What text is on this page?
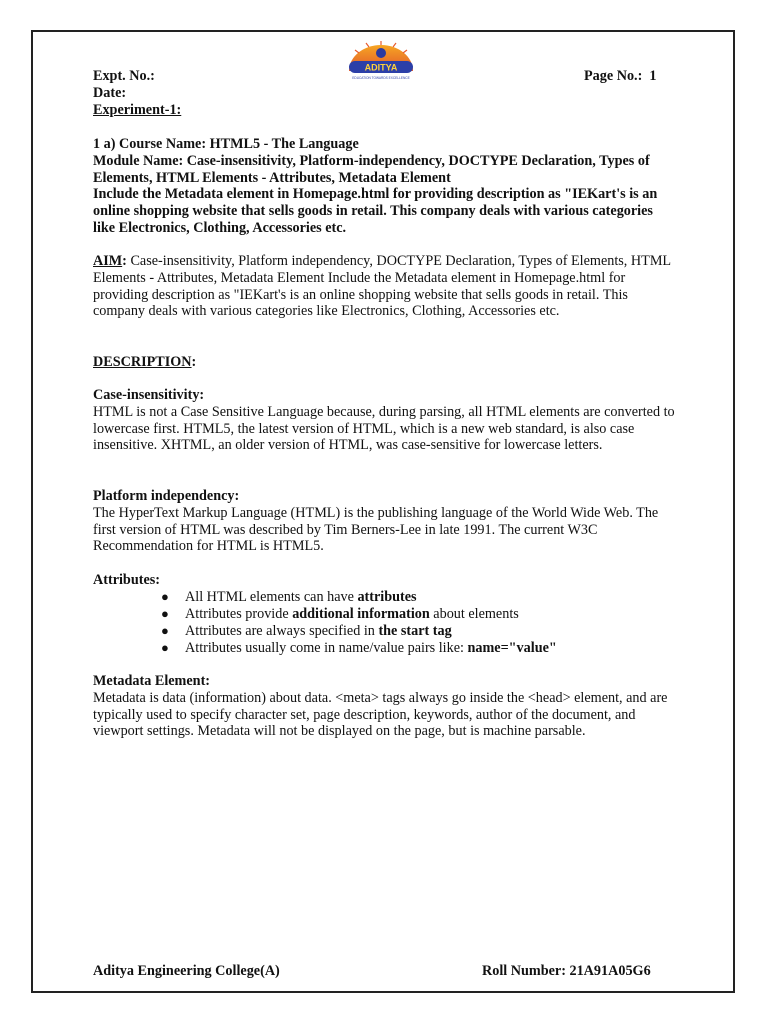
ADITYA
EDUCATION TOWARDS EXCELLENCE
Expt. No.:
Date:
Experiment-1:
Page No.: 1

1 a) Course Name: HTML5 - The Language

Module Name: Case-insensitivity, Platform-independency, DOCTYPE Declaration, Types of Elements, HTML Elements - Attributes, Metadata Element

Include the Metadata element in Homepage.html for providing description as "IEKart's is an online shopping website that sells goods in retail. This company deals with various categories like Electronics, Clothing, Accessories etc.

AIM: Case-insensitivity, Platform independency, DOCTYPE Declaration, Types of Elements, HTML Elements - Attributes, Metadata Element Include the Metadata element in Homepage.html for providing description as "IEKart's is an online shopping website that sells goods in retail. This company deals with various categories like Electronics, Clothing, Accessories etc.

DESCRIPTION:

Case-insensitivity:

HTML is not a Case Sensitive Language because, during parsing, all HTML elements are converted to lowercase first. HTML5, the latest version of HTML, which is a new web standard, is also case insensitive. XHTML, an older version of HTML, was case-sensitive for lowercase letters.

Platform independency:

The HyperText Markup Language (HTML) is the publishing language of the World Wide Web. The first version of HTML was described by Tim Berners-Lee in late 1991. The current W3C Recommendation for HTML is HTML5.

Attributes:

● All HTML elements can have attributes
● Attributes provide additional information about elements
● Attributes are always specified in the start tag
● Attributes usually come in name/value pairs like: name="value"

Metadata Element:

Metadata is data (information) about data. <meta> tags always go inside the <head> element, and are typically used to specify character set, page description, keywords, author of the document, and viewport settings. Metadata will not be displayed on the page, but is machine parsable.

Aditya Engineering College(A)	Roll Number: 21A91A05G6
